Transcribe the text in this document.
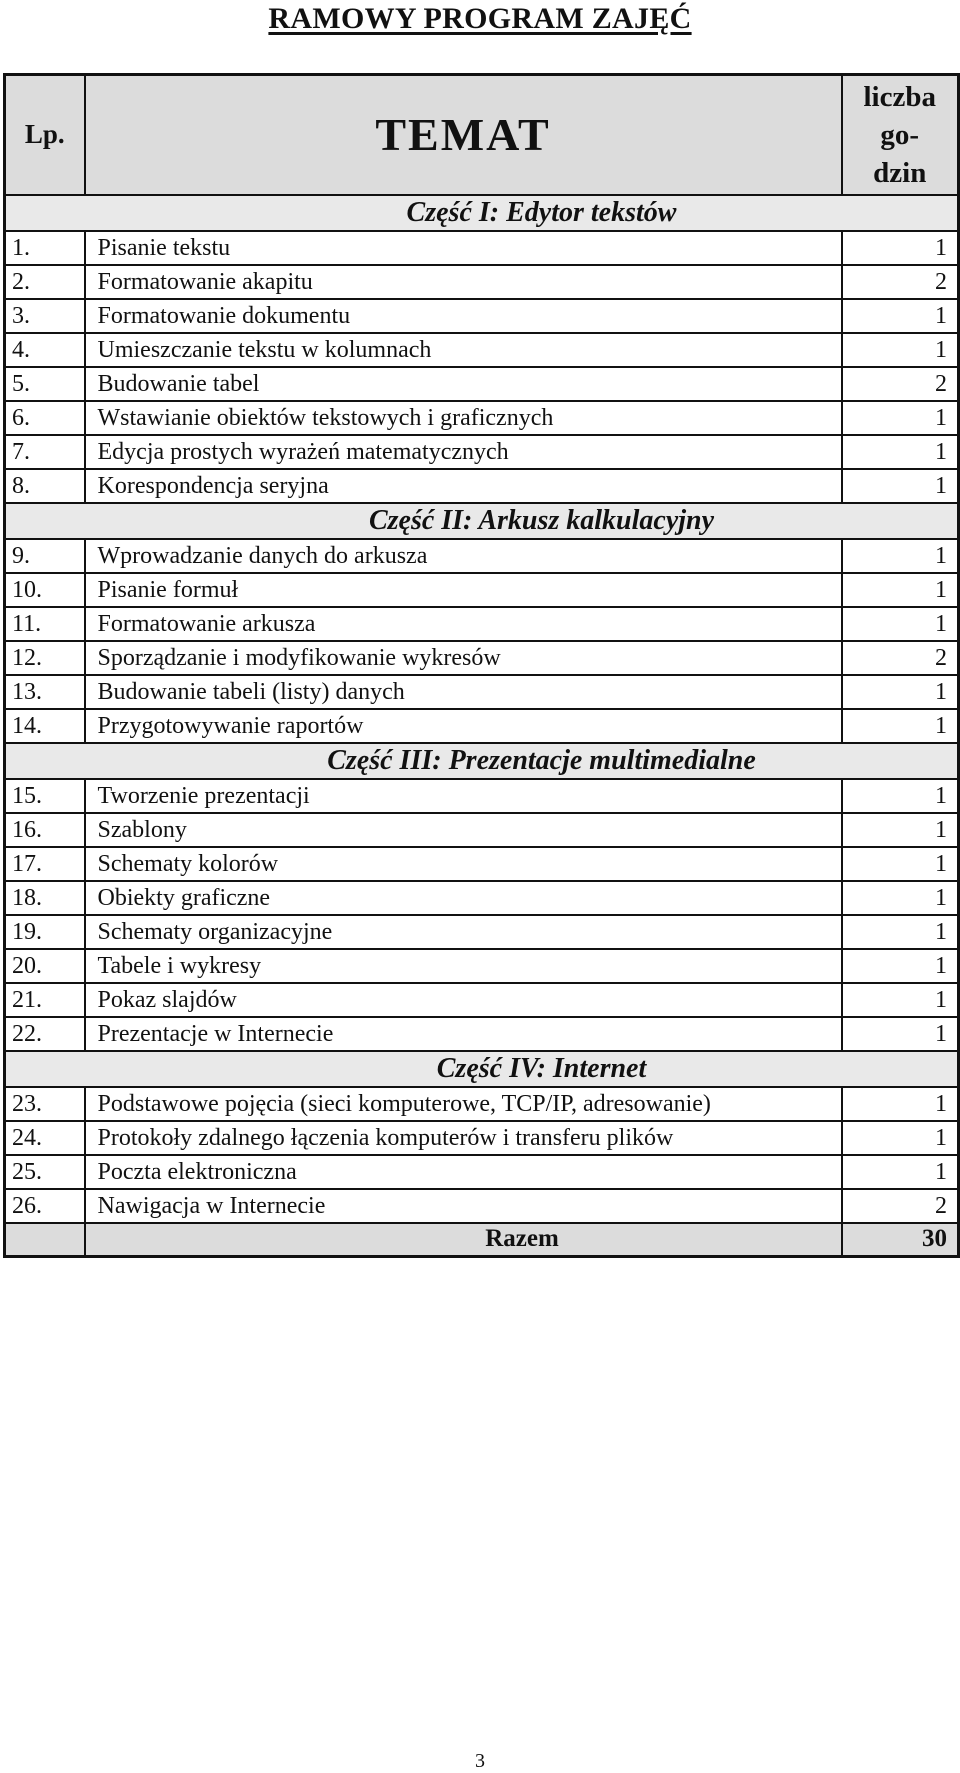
RAMOWY PROGRAM ZAJĘĆ
Lp.	TEMAT	liczba
go-
dzin

Część I: Edytor tekstów		
1.	Pisanie tekstu	1
2.	Formatowanie akapitu	2
3.	Formatowanie dokumentu	1
4.	Umieszczanie tekstu w kolumnach	1
5.	Budowanie tabel	2
6.	Wstawianie obiektów tekstowych i graficznych	1
7.	Edycja prostych wyrażeń matematycznych	1
8.	Korespondencja seryjna	1
Część II: Arkusz kalkulacyjny		
9.	Wprowadzanie danych do arkusza	1
10.	Pisanie formuł	1
11.	Formatowanie arkusza	1
12.	Sporządzanie i modyfikowanie wykresów	2
13.	Budowanie tabeli (listy) danych	1
14.	Przygotowywanie raportów	1
Część III: Prezentacje multimedialne		
15.	Tworzenie prezentacji	1
16.	Szablony	1
17.	Schematy kolorów	1
18.	Obiekty graficzne	1
19.	Schematy organizacyjne	1
20.	Tabele i wykresy	1
21.	Pokaz slajdów	1
22.	Prezentacje w Internecie	1
Część IV: Internet		
23.	Podstawowe pojęcia (sieci komputerowe, TCP/IP, adresowanie)	1
24.	Protokoły zdalnego łączenia komputerów i transferu plików	1
25.	Poczta elektroniczna	1
26.	Nawigacja w Internecie	2
	Razem	30
3
